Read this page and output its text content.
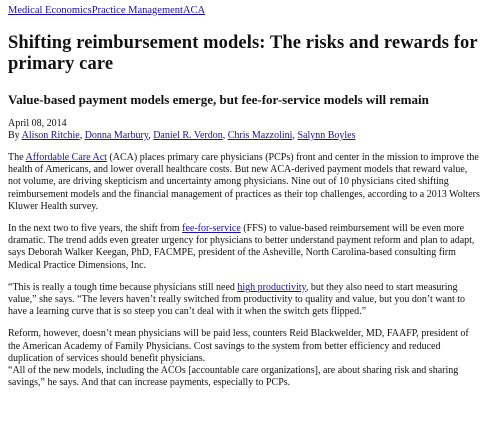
Medical EconomicsPractice ManagementACA
Shifting reimbursement models: The risks and rewards for primary care
Value-based payment models emerge, but fee-for-service models will remain
April 08, 2014
By Alison Ritchie, Donna Marbury, Daniel R. Verdon, Chris Mazzolini, Salynn Boyles

The Affordable Care Act (ACA) places primary care physicians (PCPs) front and center in the mission to improve the health of Americans, and lower overall healthcare costs. But new ACA-derived payment models that reward value, not volume, are driving skepticism and uncertainty among physicians. Nine out of 10 physicians cited shifting reimbursement models and the financial management of practices as their top challenges, according to a 2013 Wolters Kluwer Health survey.

In the next two to five years, the shift from fee-for-service (FFS) to value-based reimbursement will be even more dramatic. The trend adds even greater urgency for physicians to better understand payment reform and plan to adapt, says Deborah Walker Keegan, PhD, FACMPE, president of the Asheville, North Carolina-based consulting firm Medical Practice Dimensions, Inc.

“This is really a tough time because physicians still need high productivity, but they also need to start measuring value,” she says. “The levers haven’t really switched from productivity to quality and value, but you don’t want to have a learning curve that is so steep you can’t deal with it when the switch gets flipped.”

Reform, however, doesn’t mean physicians will be paid less, counters Reid Blackwelder, MD, FAAFP, president of the American Academy of Family Physicians. Cost savings to the system from better efficiency and reduced duplication of services should benefit physicians.

“All of the new models, including the ACOs [accountable care organizations], are about sharing risk and sharing savings,” he says. And that can increase payments, especially to PCPs.
